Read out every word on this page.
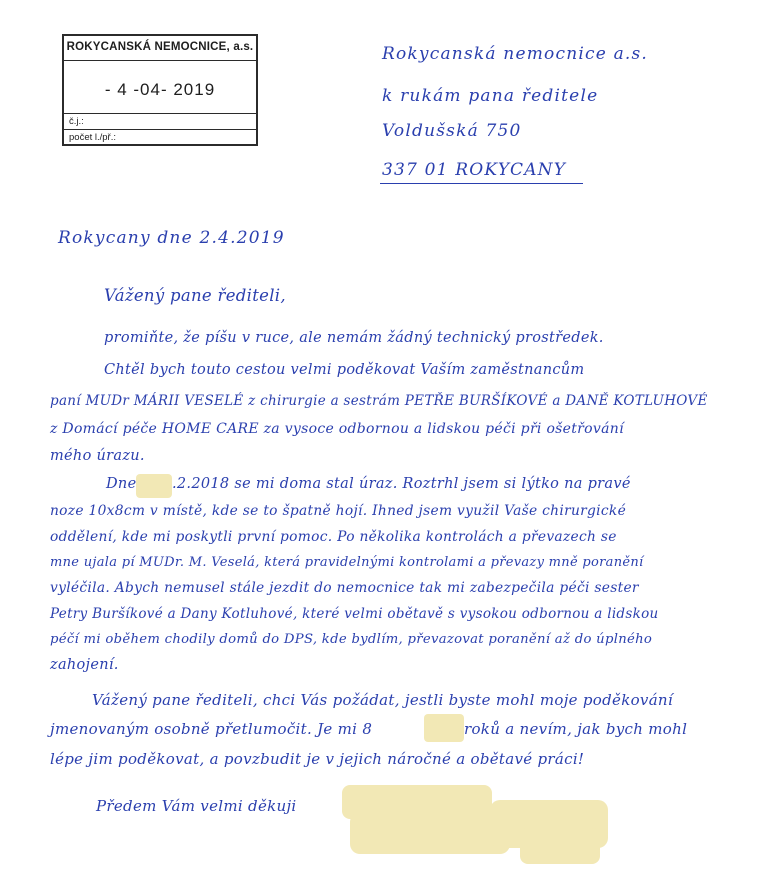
ROKYCANSKÁ NEMOCNICE, a.s.
- 4 -04- 2019
č.j.:
počet l./př.:
Rokycanská nemocnice a.s.
k rukám pana ředitele
Voldušská 750
337 01 ROKYCANY
Rokycany dne 2.4.2019
Vážený pane řediteli,
promiňte, že píšu v ruce, ale nemám žádný technický prostředek.
Chtěl bych touto cestou velmi poděkovat Vaším zaměstnancům
paní MUDr MÁRII VESELÉ z chirurgie a sestrám PETŘE BURŠÍKOVÉ a DANĚ KOTLUHOVÉ
z Domácí péče HOME CARE za vysoce odbornou a lidskou péči při ošetřování
mého úrazu.
Dne .2.2018 se mi doma stal úraz. Roztrhl jsem si lýtko na pravé
noze 10x8cm v místě, kde se to špatně hojí. Ihned jsem využil Vaše chirurgické
oddělení, kde mi poskytli první pomoc. Po několika kontrolách a převazech se
mne ujala pí MUDr. M. Veselá, která pravidelnými kontrolami a převazy mně poranění
vyléčila. Abych nemusel stále jezdit do nemocnice tak mi zabezpečila péči sester
Petry Buršíkové a Dany Kotluhové, které velmi obětavě s vysokou odbornou a lidskou
péčí mi oběhem chodily domů do DPS, kde bydlím, převazovat poranění až do úplného
zahojení.
Vážený pane řediteli, chci Vás požádat, jestli byste mohl moje poděkování
jmenovaným osobně přetlumočit. Je mi 8	roků a nevím, jak bych mohl
lépe jim poděkovat, a povzbudit je v jejich náročné a obětavé práci!
Předem Vám velmi děkuji
